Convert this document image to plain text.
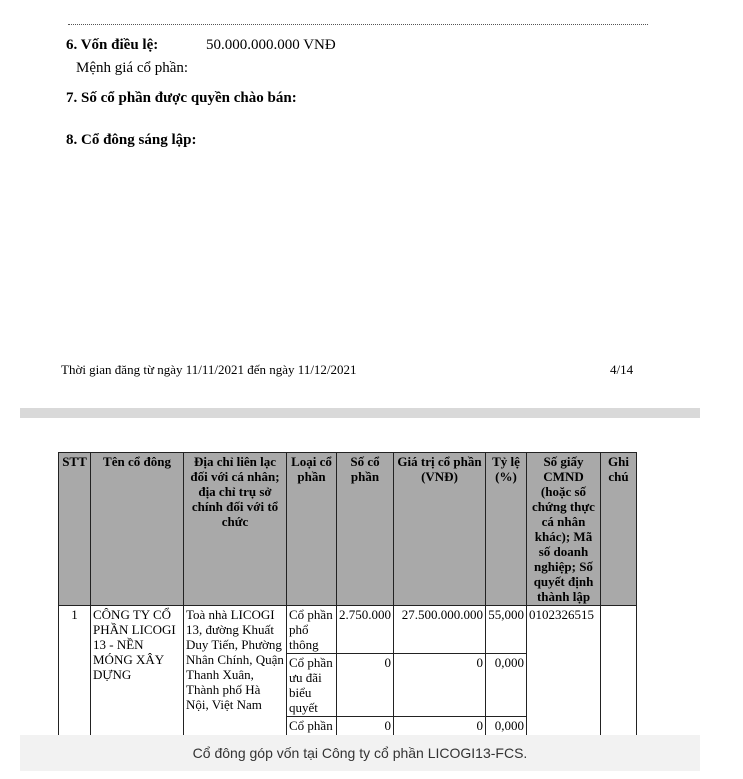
6. Vốn điều lệ:	50.000.000.000 VNĐ
Mệnh giá cổ phần:
7. Số cổ phần được quyền chào bán:
8. Cổ đông sáng lập:
Thời gian đăng từ ngày 11/11/2021 đến ngày 11/12/2021	4/14
STT	Tên cổ đông	Địa chỉ liên lạc đối với cá nhân; địa chỉ trụ sở chính đối với tổ chức	Loại cổ phần	Số cổ phần	Giá trị cổ phần (VNĐ)	Tỷ lệ (%)	Số giấy CMND (hoặc số chứng thực cá nhân khác); Mã số doanh nghiệp; Số quyết định thành lập	Ghi chú
1	CÔNG TY CỔ PHẦN LICOGI 13 - NỀN MÓNG XÂY DỰNG	Toà nhà LICOGI 13, đường Khuất Duy Tiến, Phường Nhân Chính, Quận Thanh Xuân, Thành phố Hà Nội, Việt Nam	Cổ phần phổ thông	2.750.000	27.500.000.000	55,000	0102326515	
			Cổ phần ưu đãi biểu quyết	0	0	0,000		
			Cổ phần	0	0	0,000		
Cổ đông góp vốn tại Công ty cổ phần LICOGI13-FCS.
